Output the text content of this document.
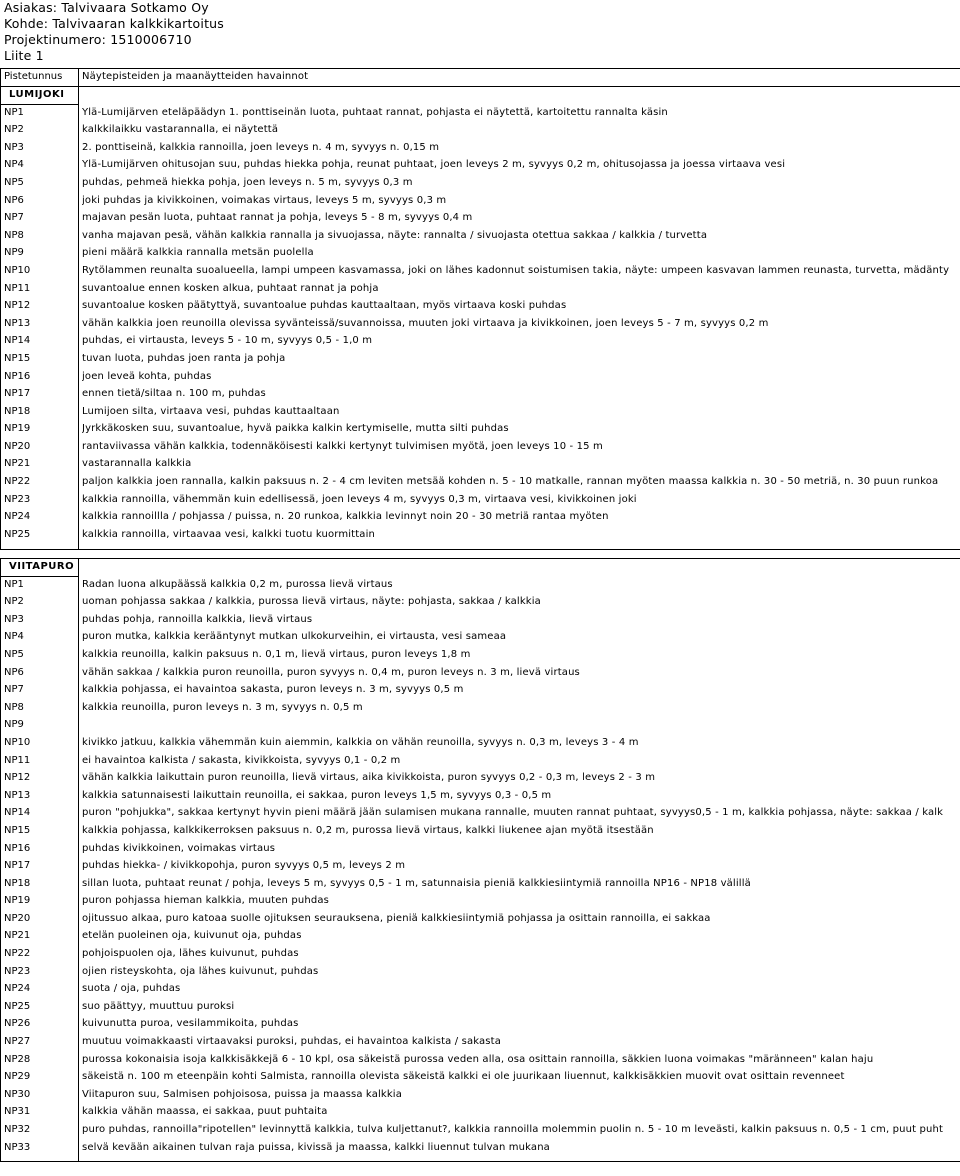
Asiakas: Talvivaara Sotkamo Oy
Kohde: Talvivaaran kalkkikartoitus
Projektinumero: 1510006710
Liite 1
Pistetunnus	Näytepisteiden ja maanäytteiden havainnot
LUMIJOKI
NP1	Ylä-Lumijärven eteläpäädyn 1. ponttiseinän luota, puhtaat rannat, pohjasta ei näytettä, kartoitettu rannalta käsin
NP2	kalkkilaikku vastarannalla, ei näytettä
NP3	2. ponttiseinä, kalkkia rannoilla, joen leveys n. 4 m, syvyys n. 0,15 m
NP4	Ylä-Lumijärven ohitusojan suu, puhdas hiekka pohja, reunat puhtaat, joen leveys 2 m, syvyys 0,2 m, ohitusojassa ja joessa virtaava vesi
NP5	puhdas, pehmeä hiekka pohja, joen leveys n. 5 m, syvyys 0,3 m
NP6	joki puhdas ja kivikkoinen, voimakas virtaus, leveys 5 m, syvyys 0,3 m
NP7	majavan pesän luota, puhtaat rannat ja pohja, leveys 5 - 8 m, syvyys 0,4 m
NP8	vanha majavan pesä, vähän kalkkia rannalla ja sivuojassa, näyte: rannalta / sivuojasta otettua sakkaa / kalkkia / turvetta
NP9	pieni määrä kalkkia rannalla metsän puolella
NP10	Rytölammen reunalta suoalueella, lampi umpeen kasvamassa, joki on lähes kadonnut soistumisen takia, näyte: umpeen kasvavan lammen reunasta, turvetta, mädänty
NP11	suvantoalue ennen kosken alkua, puhtaat rannat ja pohja
NP12	suvantoalue kosken päätyttyä, suvantoalue puhdas kauttaaltaan, myös virtaava koski puhdas
NP13	vähän kalkkia joen reunoilla olevissa syvänteissä/suvannoissa, muuten joki virtaava ja kivikkoinen, joen leveys 5 - 7 m, syvyys 0,2 m
NP14	puhdas, ei virtausta, leveys 5 - 10 m, syvyys 0,5 - 1,0 m
NP15	tuvan luota, puhdas joen ranta ja pohja
NP16	joen leveä kohta, puhdas
NP17	ennen tietä/siltaa n. 100 m, puhdas
NP18	Lumijoen silta, virtaava vesi, puhdas kauttaaltaan
NP19	Jyrkkäkosken suu, suvantoalue, hyvä paikka kalkin kertymiselle, mutta silti puhdas
NP20	rantaviivassa vähän kalkkia, todennäköisesti kalkki kertynyt tulvimisen myötä, joen leveys 10 - 15 m
NP21	vastarannalla kalkkia
NP22	paljon kalkkia joen rannalla, kalkin paksuus n. 2 - 4 cm leviten metsää kohden n. 5 - 10 matkalle, rannan myöten maassa kalkkia n. 30 - 50 metriä, n. 30 puun runkoa
NP23	kalkkia rannoilla, vähemmän kuin edellisessä, joen leveys 4 m, syvyys 0,3 m, virtaava vesi, kivikkoinen joki
NP24	kalkkia rannoillla / pohjassa / puissa, n. 20 runkoa, kalkkia levinnyt noin 20 - 30 metriä rantaa myöten
NP25	kalkkia rannoilla, virtaavaa vesi, kalkki tuotu kuormittain
VIITAPURO
NP1	Radan luona alkupäässä kalkkia 0,2 m, purossa lievä virtaus
NP2	uoman pohjassa sakkaa / kalkkia, purossa lievä virtaus, näyte: pohjasta, sakkaa / kalkkia
NP3	puhdas pohja, rannoilla kalkkia, lievä virtaus
NP4	puron mutka, kalkkia kerääntynyt mutkan ulkokurveihin, ei virtausta, vesi sameaa
NP5	kalkkia reunoilla, kalkin paksuus n. 0,1 m, lievä virtaus, puron leveys 1,8 m
NP6	vähän sakkaa / kalkkia puron reunoilla, puron syvyys n. 0,4 m, puron leveys n. 3 m, lievä virtaus
NP7	kalkkia pohjassa, ei havaintoa sakasta, puron leveys n. 3 m, syvyys 0,5 m
NP8	kalkkia reunoilla, puron leveys n. 3 m, syvyys n. 0,5 m
NP9
NP10	kivikko jatkuu, kalkkia vähemmän kuin aiemmin, kalkkia on vähän reunoilla, syvyys n. 0,3 m, leveys 3 - 4 m
NP11	ei havaintoa kalkista / sakasta, kivikkoista, syvyys 0,1 - 0,2 m
NP12	vähän kalkkia laikuttain puron reunoilla, lievä virtaus, aika kivikkoista, puron syvyys 0,2 - 0,3 m, leveys 2 - 3 m
NP13	kalkkia satunnaisesti laikuttain reunoilla, ei sakkaa, puron leveys 1,5 m, syvyys 0,3 - 0,5 m
NP14	puron "pohjukka", sakkaa kertynyt hyvin pieni määrä jään sulamisen mukana rannalle, muuten rannat puhtaat, syvyys0,5 - 1 m, kalkkia pohjassa, näyte: sakkaa / kalk
NP15	kalkkia pohjassa, kalkkikerroksen paksuus n. 0,2 m, purossa lievä virtaus, kalkki liukenee ajan myötä itsestään
NP16	puhdas kivikkoinen, voimakas virtaus
NP17	puhdas hiekka- / kivikkopohja, puron syvyys 0,5 m, leveys 2 m
NP18	sillan luota, puhtaat reunat / pohja, leveys 5 m, syvyys 0,5 - 1 m, satunnaisia pieniä kalkkiesiintymiä rannoilla NP16 - NP18 välillä
NP19	puron pohjassa hieman kalkkia, muuten puhdas
NP20	ojitussuo alkaa, puro katoaa suolle ojituksen seurauksena, pieniä kalkkiesiintymiä pohjassa ja osittain rannoilla, ei sakkaa
NP21	etelän puoleinen oja, kuivunut oja, puhdas
NP22	pohjoispuolen oja, lähes kuivunut, puhdas
NP23	ojien risteyskohta, oja lähes kuivunut, puhdas
NP24	suota / oja, puhdas
NP25	suo päättyy, muuttuu puroksi
NP26	kuivunutta puroa, vesilammikoita, puhdas
NP27	muutuu voimakkaasti virtaavaksi puroksi, puhdas, ei havaintoa kalkista / sakasta
NP28	purossa kokonaisia isoja kalkkisäkkejä 6 - 10 kpl, osa säkeistä purossa veden alla, osa osittain rannoilla, säkkien luona voimakas "märänneen" kalan haju
NP29	säkeistä n. 100 m eteenpäin kohti Salmista, rannoilla olevista säkeistä kalkki ei ole juurikaan liuennut, kalkkisäkkien muovit ovat osittain revenneet
NP30	Viitapuron suu, Salmisen pohjoisosa, puissa ja maassa kalkkia
NP31	kalkkia vähän maassa, ei sakkaa, puut puhtaita
NP32	puro puhdas, rannoilla"ripotellen" levinnyttä kalkkia, tulva kuljettanut?, kalkkia rannoilla molemmin puolin n. 5 - 10 m leveästi, kalkin paksuus n. 0,5 - 1 cm, puut puht
NP33	selvä kevään aikainen tulvan raja puissa, kivissä ja maassa, kalkki liuennut tulvan mukana
